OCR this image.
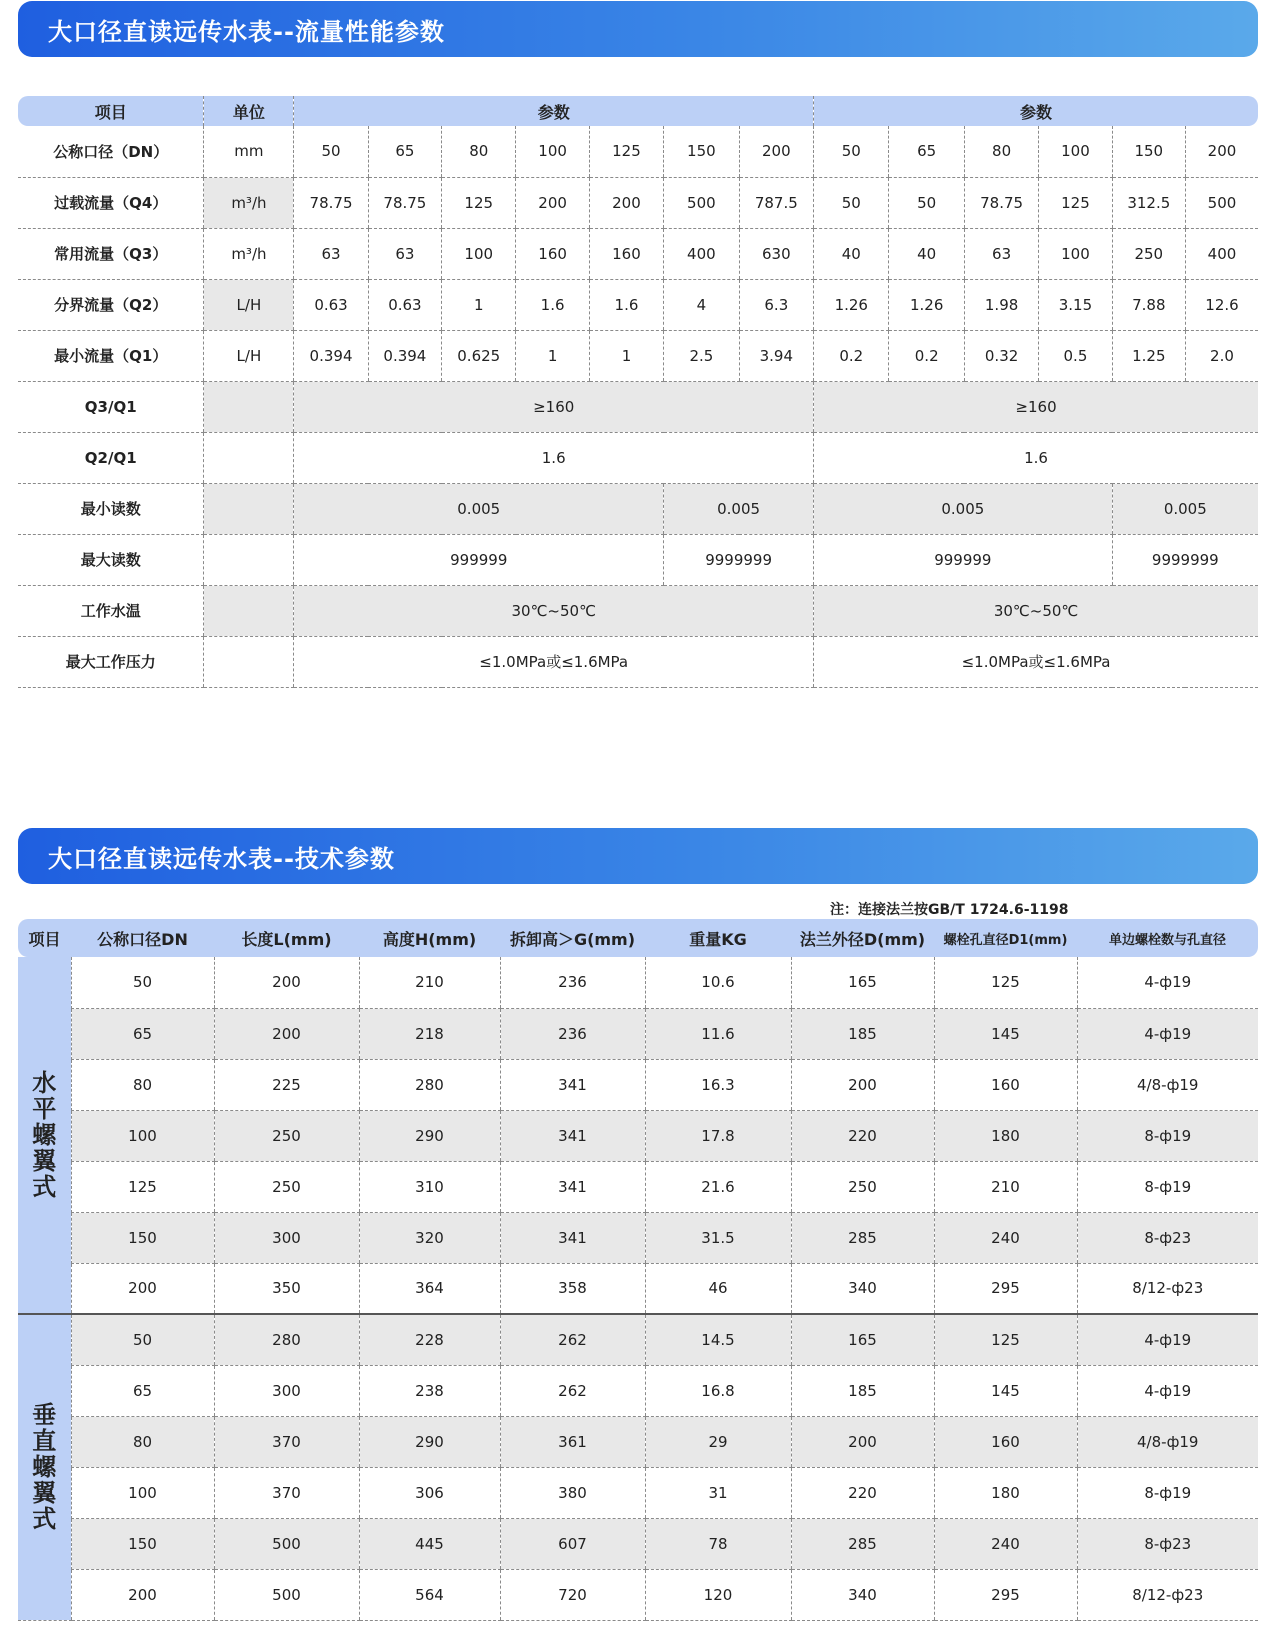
大口径直读远传水表--流量性能参数
项目	单位	参数							参数					
公称口径（DN）	mm	50	65	80	100	125	150	200	50	65	80	100	150	200
过载流量（Q4）	m³/h	78.75	78.75	125	200	200	500	787.5	50	50	78.75	125	312.5	500
常用流量（Q3）	m³/h	63	63	100	160	160	400	630	40	40	63	100	250	400
分界流量（Q2）	L/H	0.63	0.63	1	1.6	1.6	4	6.3	1.26	1.26	1.98	3.15	7.88	12.6
最小流量（Q1）	L/H	0.394	0.394	0.625	1	1	2.5	3.94	0.2	0.2	0.32	0.5	1.25	2.0
Q3/Q1		≥160							≥160					
Q2/Q1		1.6							1.6					
最小读数		0.005					0.005		0.005				0.005	
最大读数		999999					9999999		999999				9999999	
工作水温		30℃~50℃							30℃~50℃					
最大工作压力		≤1.0MPa或≤1.6MPa							≤1.0MPa或≤1.6MPa					
大口径直读远传水表--技术参数
注：连接法兰按GB/T 1724.6-1198
项目	公称口径DN	长度L(mm)	高度H(mm)	拆卸高＞G(mm)	重量KG	法兰外径D(mm)	螺栓孔直径D1(mm)	单边螺栓数与孔直径
水平螺翼式	50	200	210	236	10.6	165	125	4-ф19
	65	200	218	236	11.6	185	145	4-ф19
	80	225	280	341	16.3	200	160	4/8-ф19
	100	250	290	341	17.8	220	180	8-ф19
	125	250	310	341	21.6	250	210	8-ф19
	150	300	320	341	31.5	285	240	8-ф23
	200	350	364	358	46	340	295	8/12-ф23
垂直螺翼式	50	280	228	262	14.5	165	125	4-ф19
	65	300	238	262	16.8	185	145	4-ф19
	80	370	290	361	29	200	160	4/8-ф19
	100	370	306	380	31	220	180	8-ф19
	150	500	445	607	78	285	240	8-ф23
	200	500	564	720	120	340	295	8/12-ф23
